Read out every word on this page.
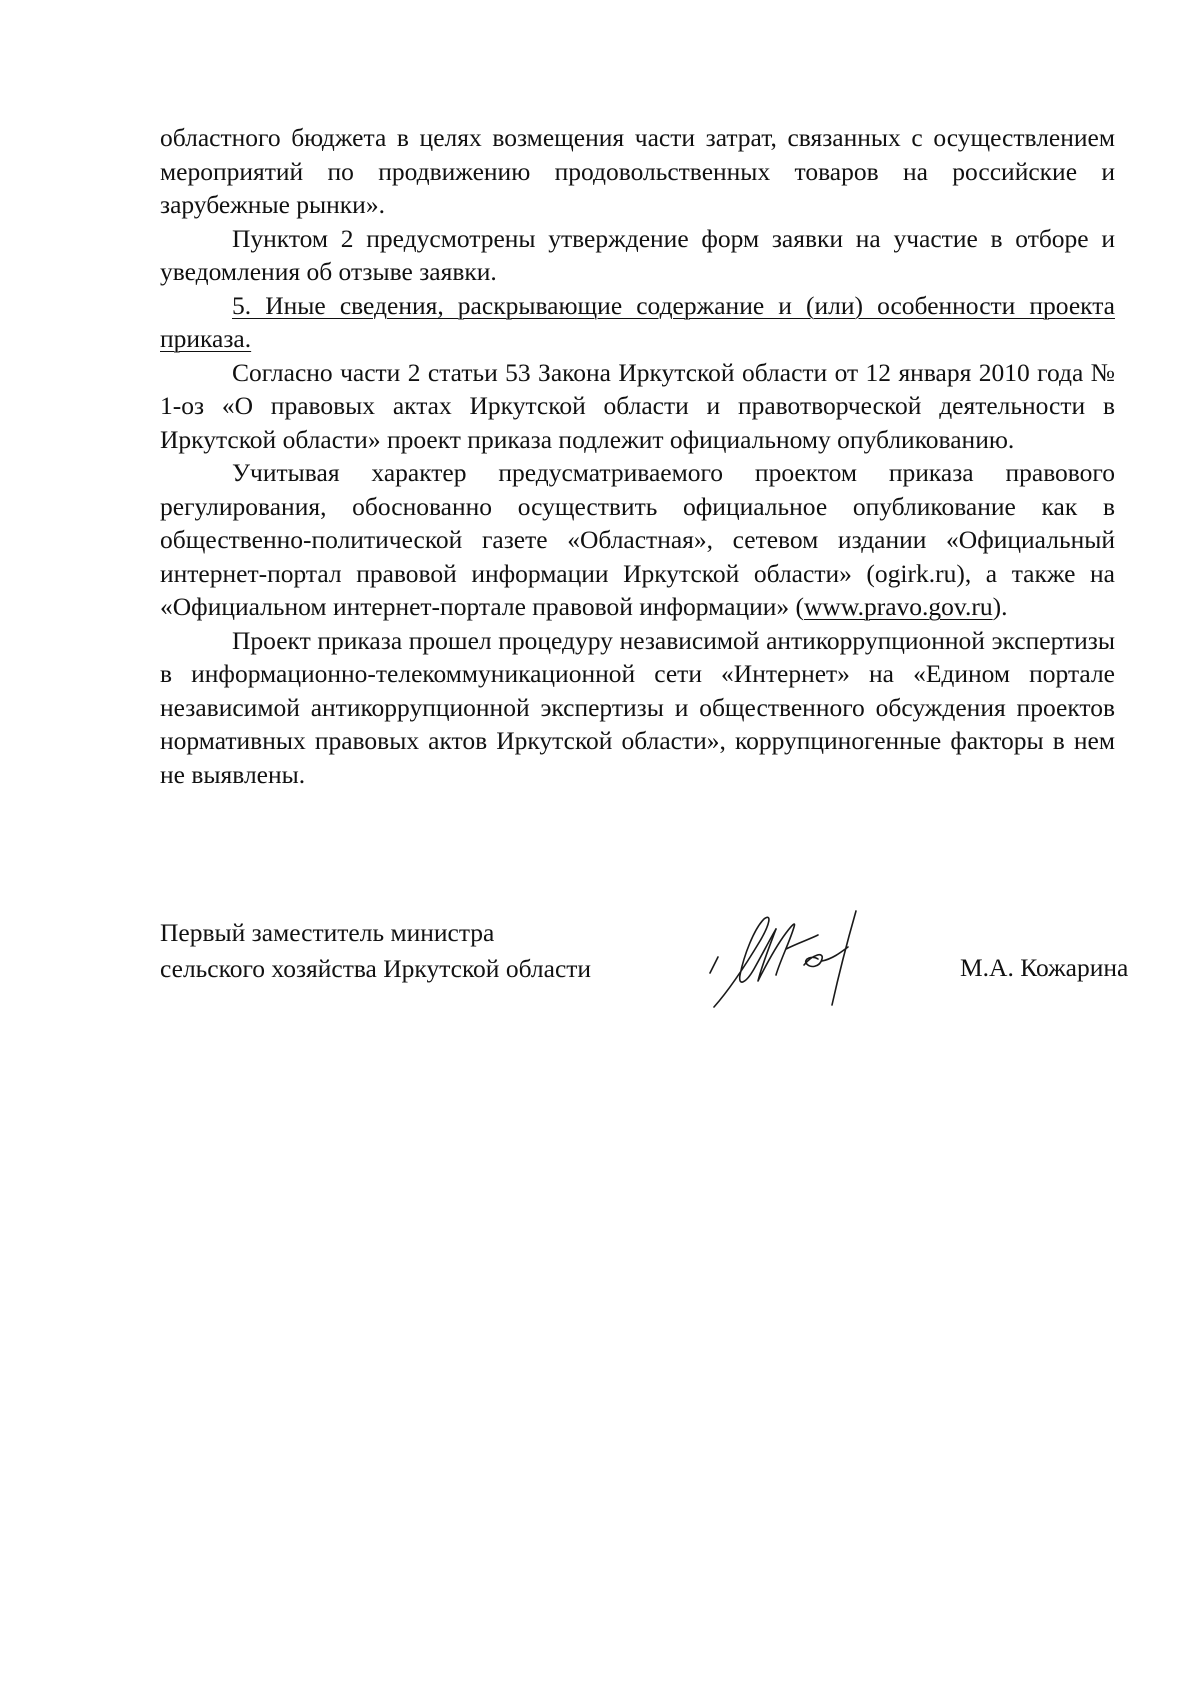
областного бюджета в целях возмещения части затрат, связанных с осуществлением мероприятий по продвижению продовольственных товаров на российские и зарубежные рынки».

Пунктом 2 предусмотрены утверждение форм заявки на участие в отборе и уведомления об отзыве заявки.

5. Иные сведения, раскрывающие содержание и (или) особенности проекта приказа.

Согласно части 2 статьи 53 Закона Иркутской области от 12 января 2010 года № 1-оз «О правовых актах Иркутской области и правотворческой деятельности в Иркутской области» проект приказа подлежит официальному опубликованию.

Учитывая характер предусматриваемого проектом приказа правового регулирования, обоснованно осуществить официальное опубликование как в общественно-политической газете «Областная», сетевом издании «Официальный интернет-портал правовой информации Иркутской области» (ogirk.ru), а также на «Официальном интернет-портале правовой информации» (www.pravo.gov.ru).

Проект приказа прошел процедуру независимой антикоррупционной экспертизы в информационно-телекоммуникационной сети «Интернет» на «Едином портале независимой антикоррупционной экспертизы и общественного обсуждения проектов нормативных правовых актов Иркутской области», коррупциногенные факторы в нем не выявлены.

Первый заместитель министра
сельского хозяйства Иркутской области	М.А. Кожарина
